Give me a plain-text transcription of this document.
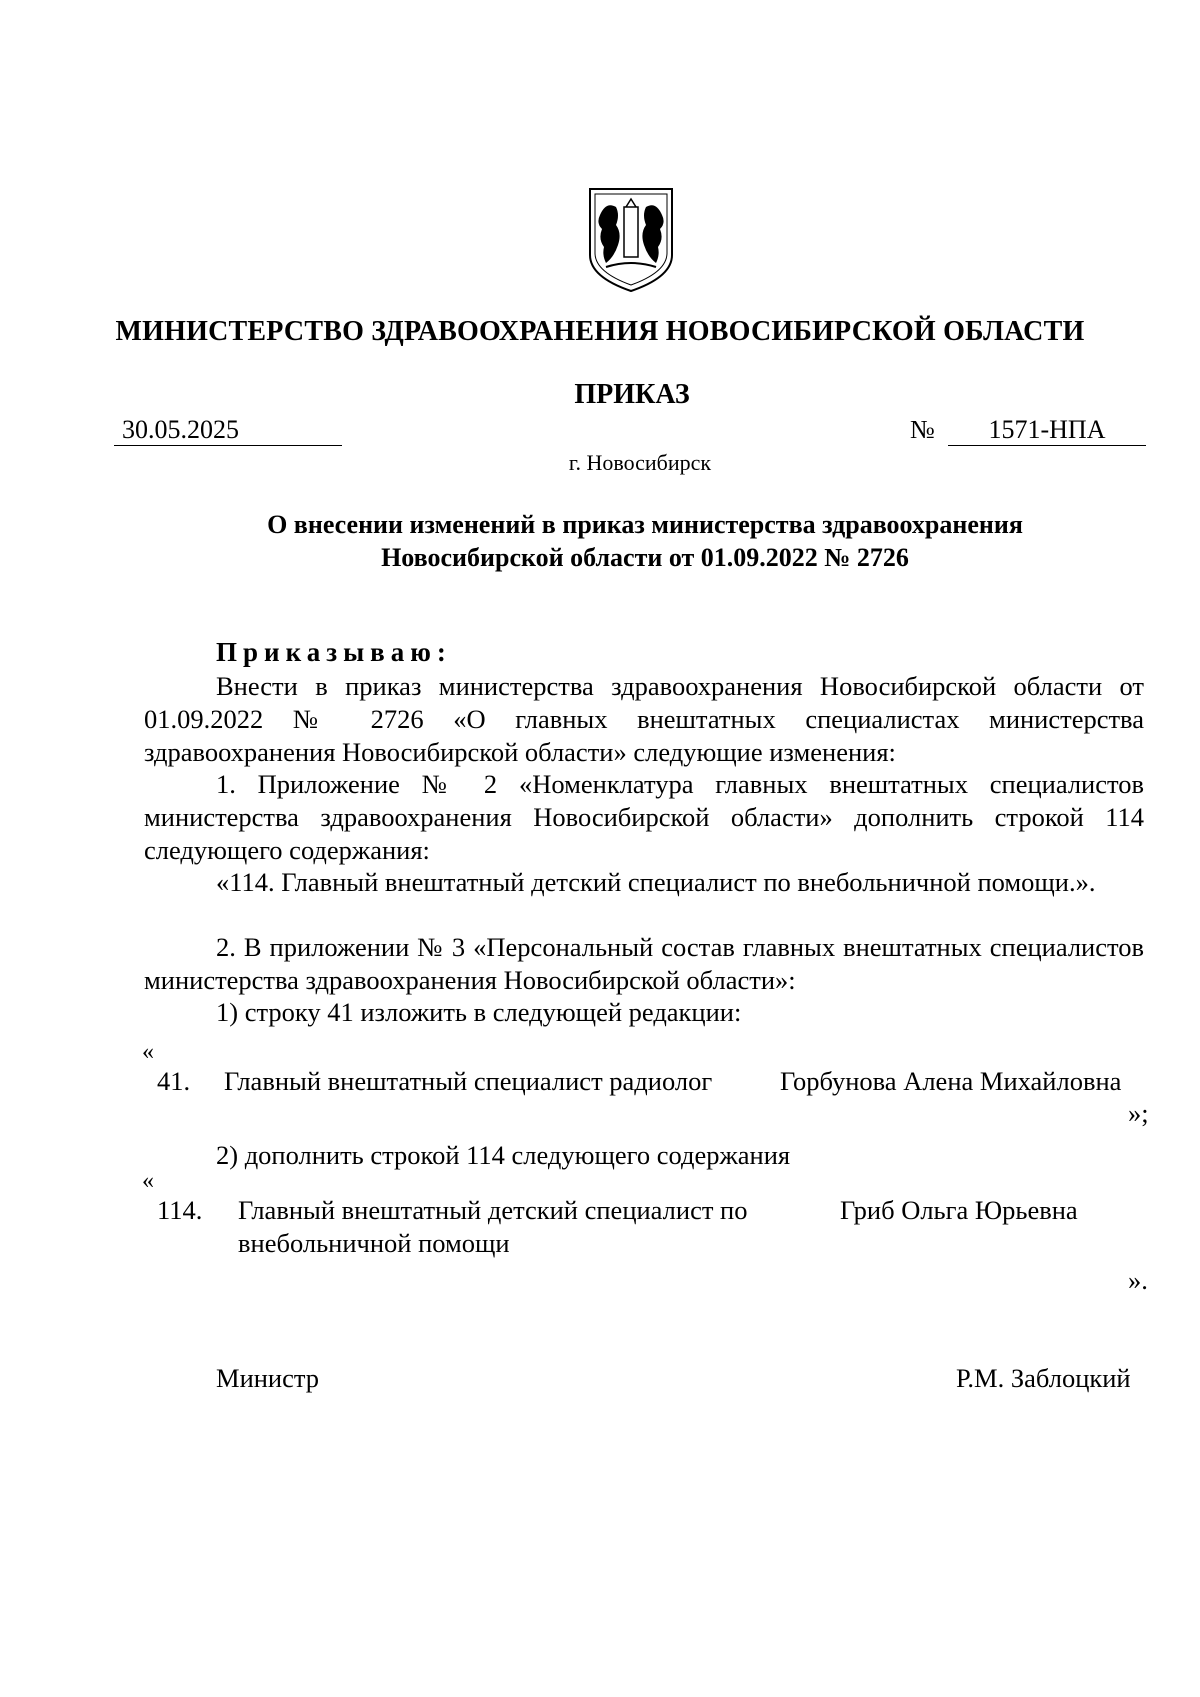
МИНИСТЕРСТВО ЗДРАВООХРАНЕНИЯ НОВОСИБИРСКОЙ ОБЛАСТИ
ПРИКАЗ
30.05.2025	№	1571-НПА
г. Новосибирск
О внесении изменений в приказ министерства здравоохранения
Новосибирской области от 01.09.2022 № 2726
Приказываю:
Внести в приказ министерства здравоохранения Новосибирской области от 01.09.2022 № 2726 «О главных внештатных специалистах министерства здравоохранения Новосибирской области» следующие изменения:
1. Приложение № 2 «Номенклатура главных внештатных специалистов министерства здравоохранения Новосибирской области» дополнить строкой 114 следующего содержания:
«114. Главный внештатный детский специалист по внебольничной помощи.».
2. В приложении № 3 «Персональный состав главных внештатных специалистов министерства здравоохранения Новосибирской области»:
1) строку 41 изложить в следующей редакции:
«
41. Главный внештатный специалист радиолог	Горбунова Алена Михайловна
»;
2) дополнить строкой 114 следующего содержания
«
114. Главный внештатный детский специалист по внебольничной помощи
Гриб Ольга Юрьевна
».
Министр	Р.М. Заблоцкий
